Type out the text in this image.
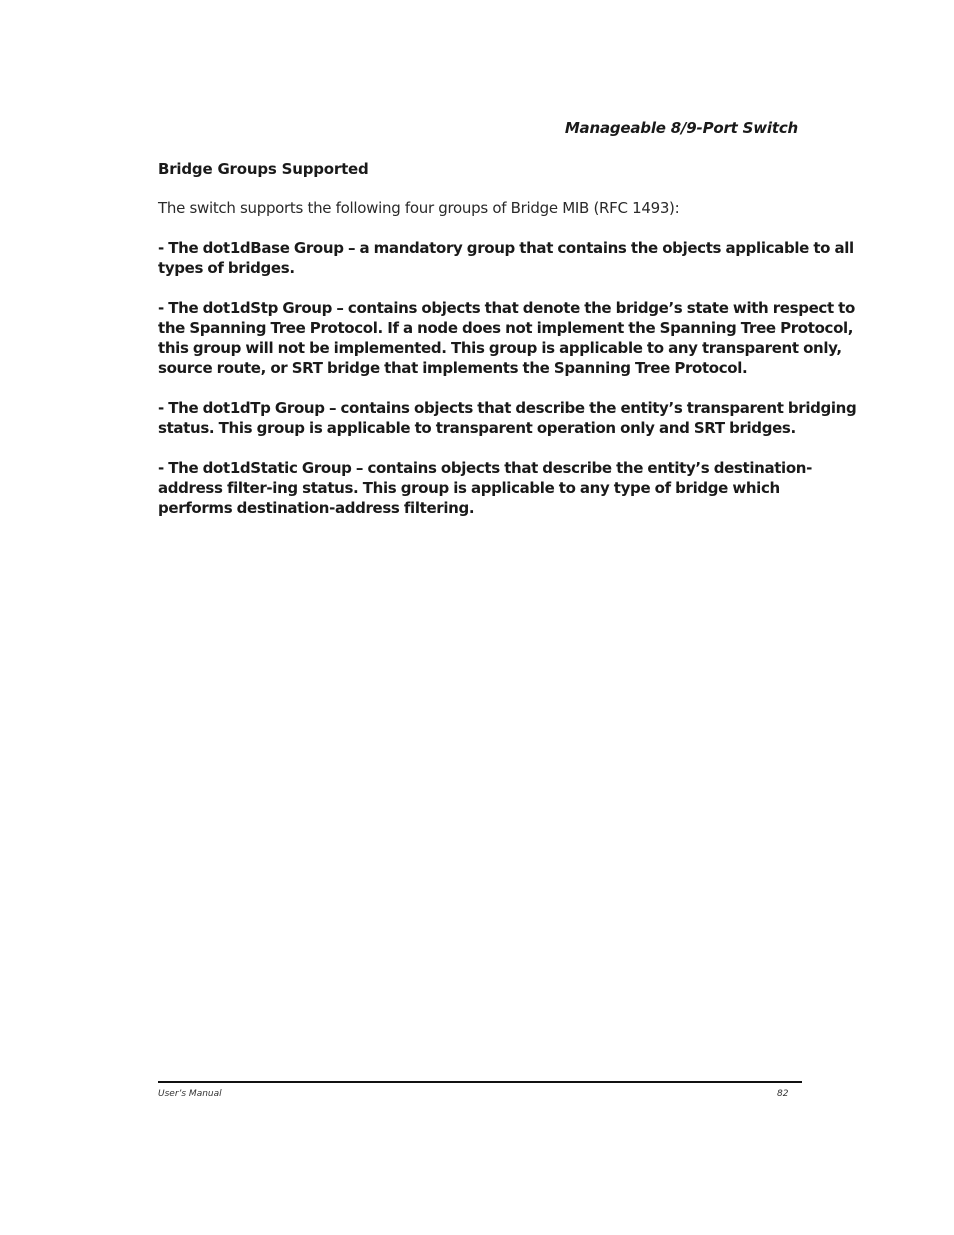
Manageable 8/9-Port Switch

Bridge Groups Supported

The switch supports the following four groups of Bridge MIB (RFC 1493):

- The dot1dBase Group – a mandatory group that contains the objects applicable to all types of bridges.

- The dot1dStp Group – contains objects that denote the bridge’s state with respect to the Spanning Tree Protocol. If a node does not implement the Spanning Tree Protocol, this group will not be implemented. This group is applicable to any transparent only, source route, or SRT bridge that implements the Spanning Tree Protocol.

- The dot1dTp Group – contains objects that describe the entity’s transparent bridging status. This group is applicable to transparent operation only and SRT bridges.

- The dot1dStatic Group – contains objects that describe the entity’s destination-address filter-ing status. This group is applicable to any type of bridge which performs destination-address filtering.

User’s Manual	82
